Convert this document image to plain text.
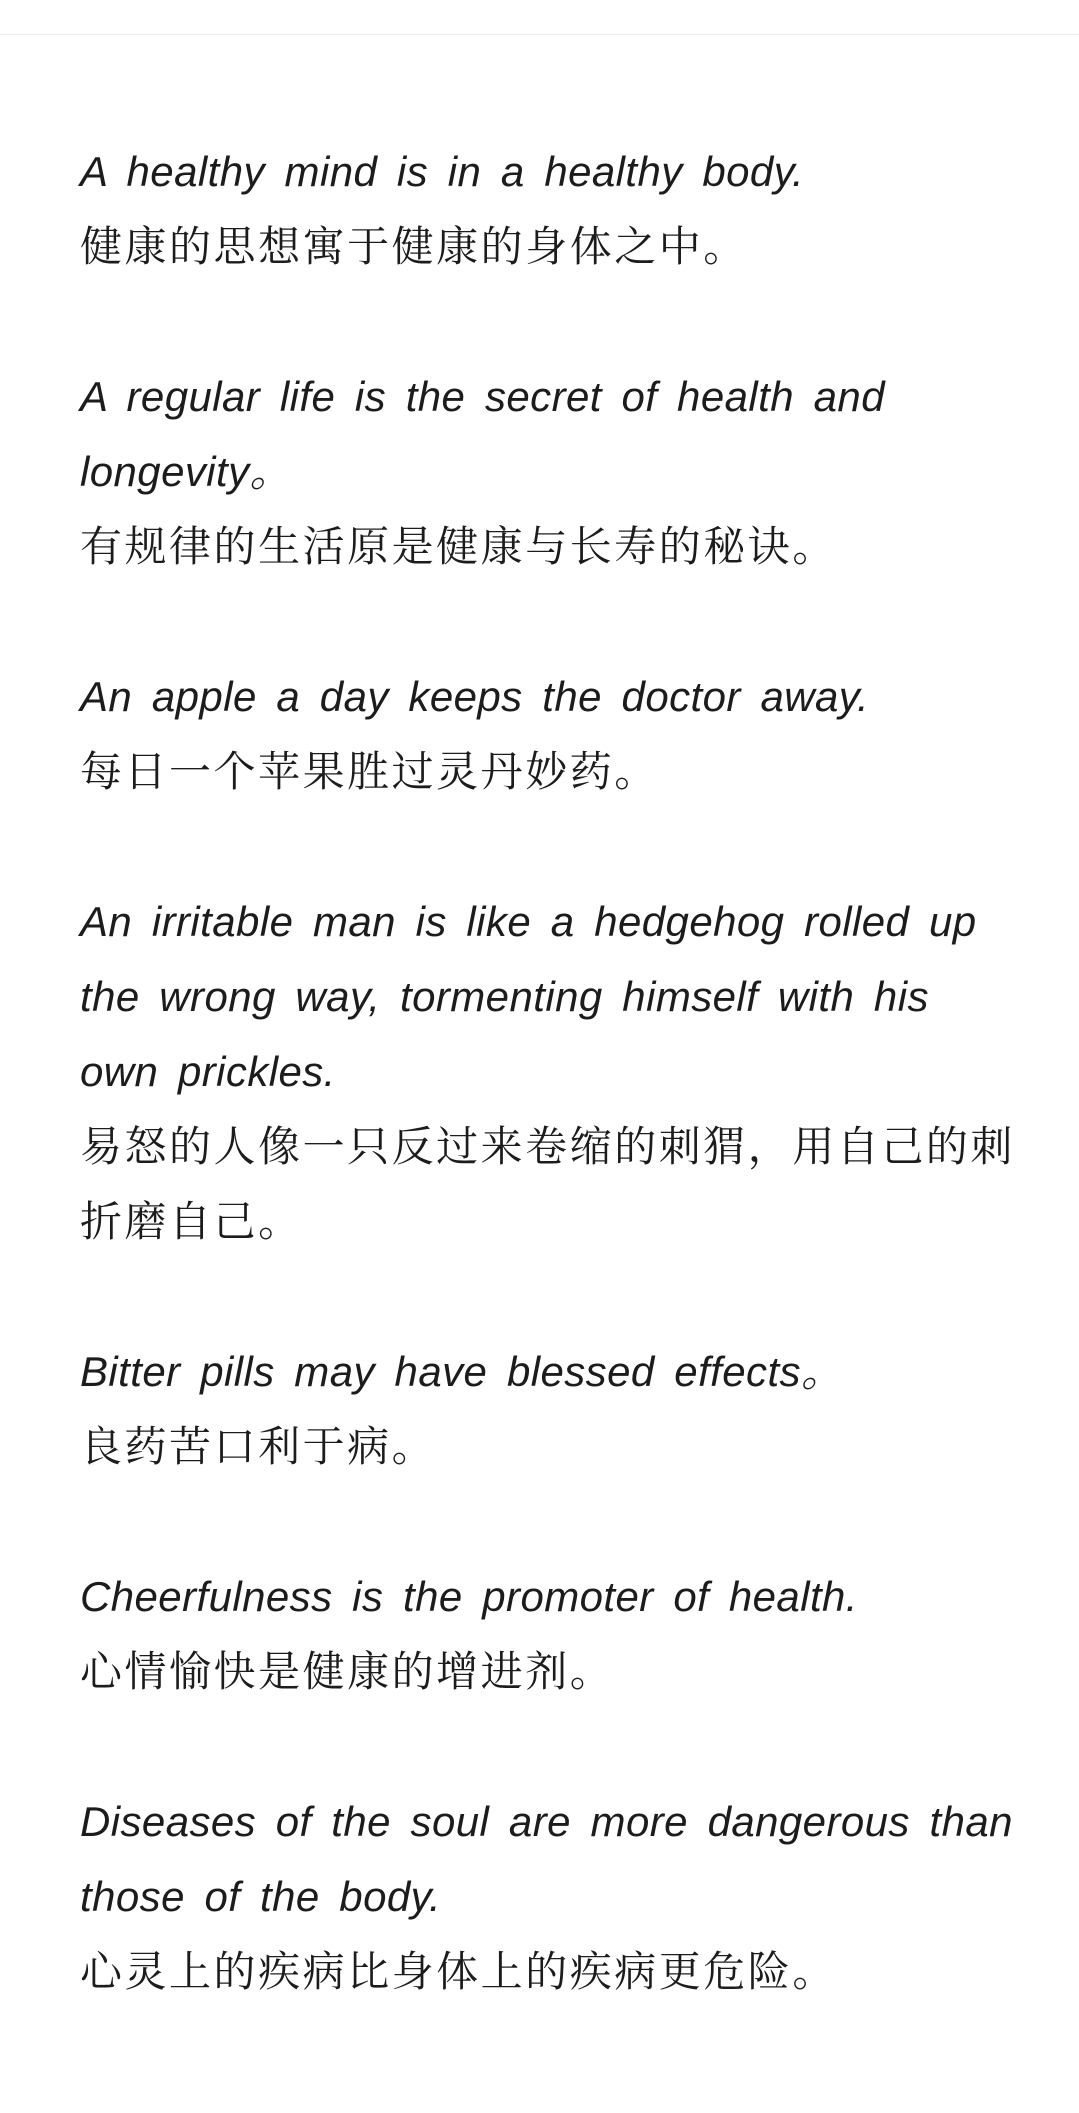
A healthy mind is in a healthy body.
健康的思想寓于健康的身体之中。
A regular life is the secret of health and
longevity。
有规律的生活原是健康与长寿的秘诀。
An apple a day keeps the doctor away.
每日一个苹果胜过灵丹妙药。
An irritable man is like a hedgehog rolled up
the wrong way, tormenting himself with his
own prickles.
易怒的人像一只反过来卷缩的刺猬，用自己的刺
折磨自己。
Bitter pills may have blessed effects。
良药苦口利于病。
Cheerfulness is the promoter of health.
心情愉快是健康的增进剂。
Diseases of the soul are more dangerous than
those of the body.
心灵上的疾病比身体上的疾病更危险。
